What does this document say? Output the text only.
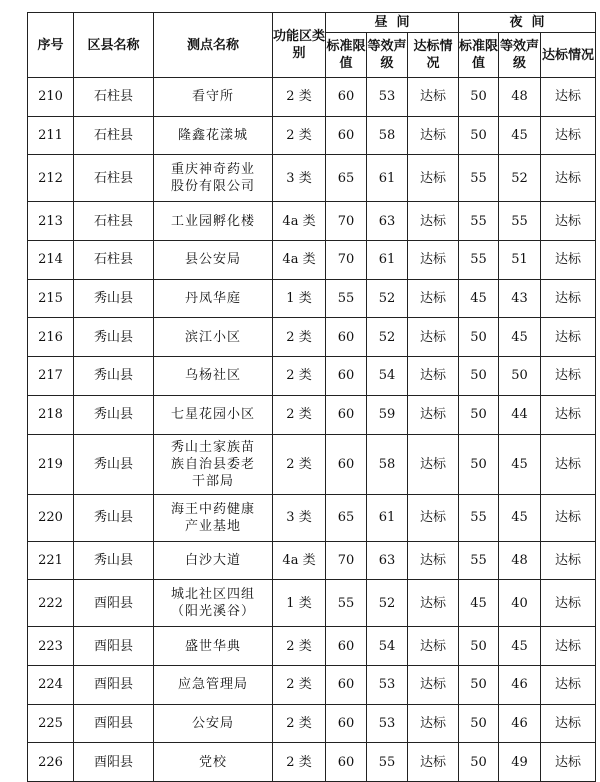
序号	区县名称	测点名称	功能区类别	昼  间			夜  间		
				标准限值	等效声级	达标情况	标准限值	等效声级	达标情况
210	石柱县	看守所	2 类	60	53	达标	50	48	达标
211	石柱县	隆鑫花漾城	2 类	60	58	达标	50	45	达标
212	石柱县	重庆神奇药业股份有限公司	3 类	65	61	达标	55	52	达标
213	石柱县	工业园孵化楼	4a 类	70	63	达标	55	55	达标
214	石柱县	县公安局	4a 类	70	61	达标	55	51	达标
215	秀山县	丹凤华庭	1 类	55	52	达标	45	43	达标
216	秀山县	滨江小区	2 类	60	52	达标	50	45	达标
217	秀山县	乌杨社区	2 类	60	54	达标	50	50	达标
218	秀山县	七星花园小区	2 类	60	59	达标	50	44	达标
219	秀山县	秀山土家族苗族自治县委老干部局	2 类	60	58	达标	50	45	达标
220	秀山县	海王中药健康产业基地	3 类	65	61	达标	55	45	达标
221	秀山县	白沙大道	4a 类	70	63	达标	55	48	达标
222	酉阳县	城北社区四组（阳光溪谷）	1 类	55	52	达标	45	40	达标
223	酉阳县	盛世华典	2 类	60	54	达标	50	45	达标
224	酉阳县	应急管理局	2 类	60	53	达标	50	46	达标
225	酉阳县	公安局	2 类	60	53	达标	50	46	达标
226	酉阳县	党校	2 类	60	55	达标	50	49	达标
